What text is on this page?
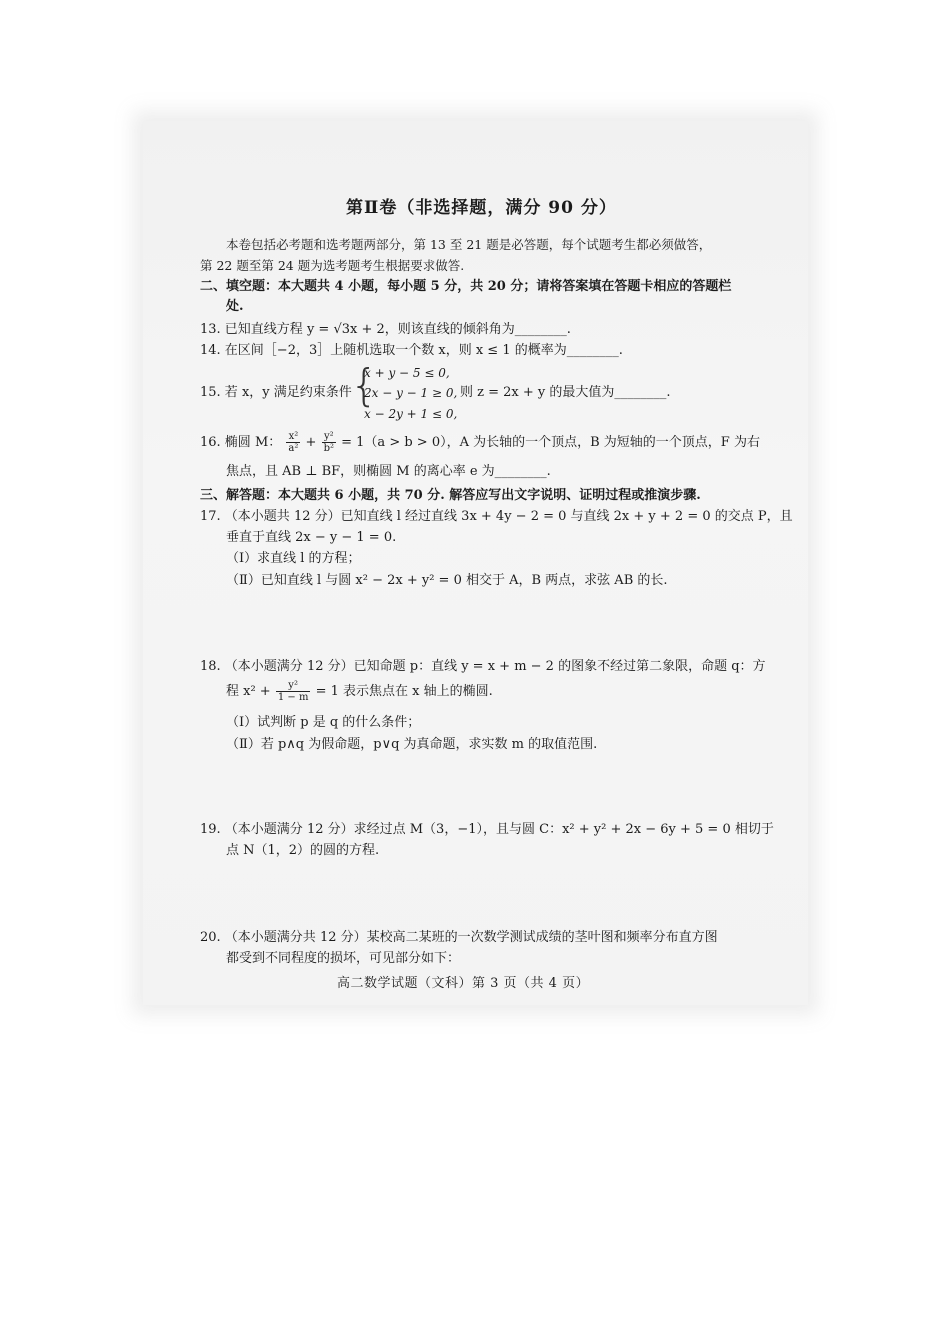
第Ⅱ卷（非选择题，满分 90 分）
本卷包括必考题和选考题两部分，第 13 至 21 题是必答题，每个试题考生都必须做答，
第 22 题至第 24 题为选考题考生根据要求做答.
二、填空题：本大题共 4 小题，每小题 5 分，共 20 分；请将答案填在答题卡相应的答题栏
处.
13. 已知直线方程 y = √3x + 2，则该直线的倾斜角为________.
14. 在区间［−2，3］上随机选取一个数 x，则 x ≤ 1 的概率为________.
15. 若 x，y 满足约束条件
{
x + y − 5 ≤ 0,
2x − y − 1 ≥ 0,
x − 2y + 1 ≤ 0,
则 z = 2x + y 的最大值为________.
16. 椭圆 M： $\frac{\text{x²}}{\text{a²}} + \frac{\text{y²}}{\text{b²}} = 1(a > b > 0)$，A 为长轴的一个顶点，B 为短轴的一个顶点，F 为右
焦点，且 AB ⊥ BF，则椭圆 M 的离心率 e 为________.
三、解答题：本大题共 6 小题，共 70 分. 解答应写出文字说明、证明过程或推演步骤.
17. （本小题共 12 分）已知直线 l 经过直线 3x + 4y − 2 = 0 与直线 2x + y + 2 = 0 的交点 P，且
垂直于直线 2x − y − 1 = 0.
（Ⅰ）求直线 l 的方程；
（Ⅱ）已知直线 l 与圆 x² − 2x + y² = 0 相交于 A，B 两点，求弦 AB 的长.
18. （本小题满分 12 分）已知命题 p：直线 y = x + m − 2 的图象不经过第二象限，命题 q：方
程 $x^2 + \frac{\text{y²}}{1 - m} = 1$ 表示焦点在 x 轴上的椭圆.
（Ⅰ）试判断 p 是 q 的什么条件；
（Ⅱ）若 p∧q 为假命题，p∨q 为真命题，求实数 m 的取值范围.
19. （本小题满分 12 分）求经过点 M（3，−1），且与圆 C：x² + y² + 2x − 6y + 5 = 0 相切于
点 N（1，2）的圆的方程.
20. （本小题满分共 12 分）某校高二某班的一次数学测试成绩的茎叶图和频率分布直方图
都受到不同程度的损坏，可见部分如下：
高二数学试题（文科）第 3 页（共 4 页）
